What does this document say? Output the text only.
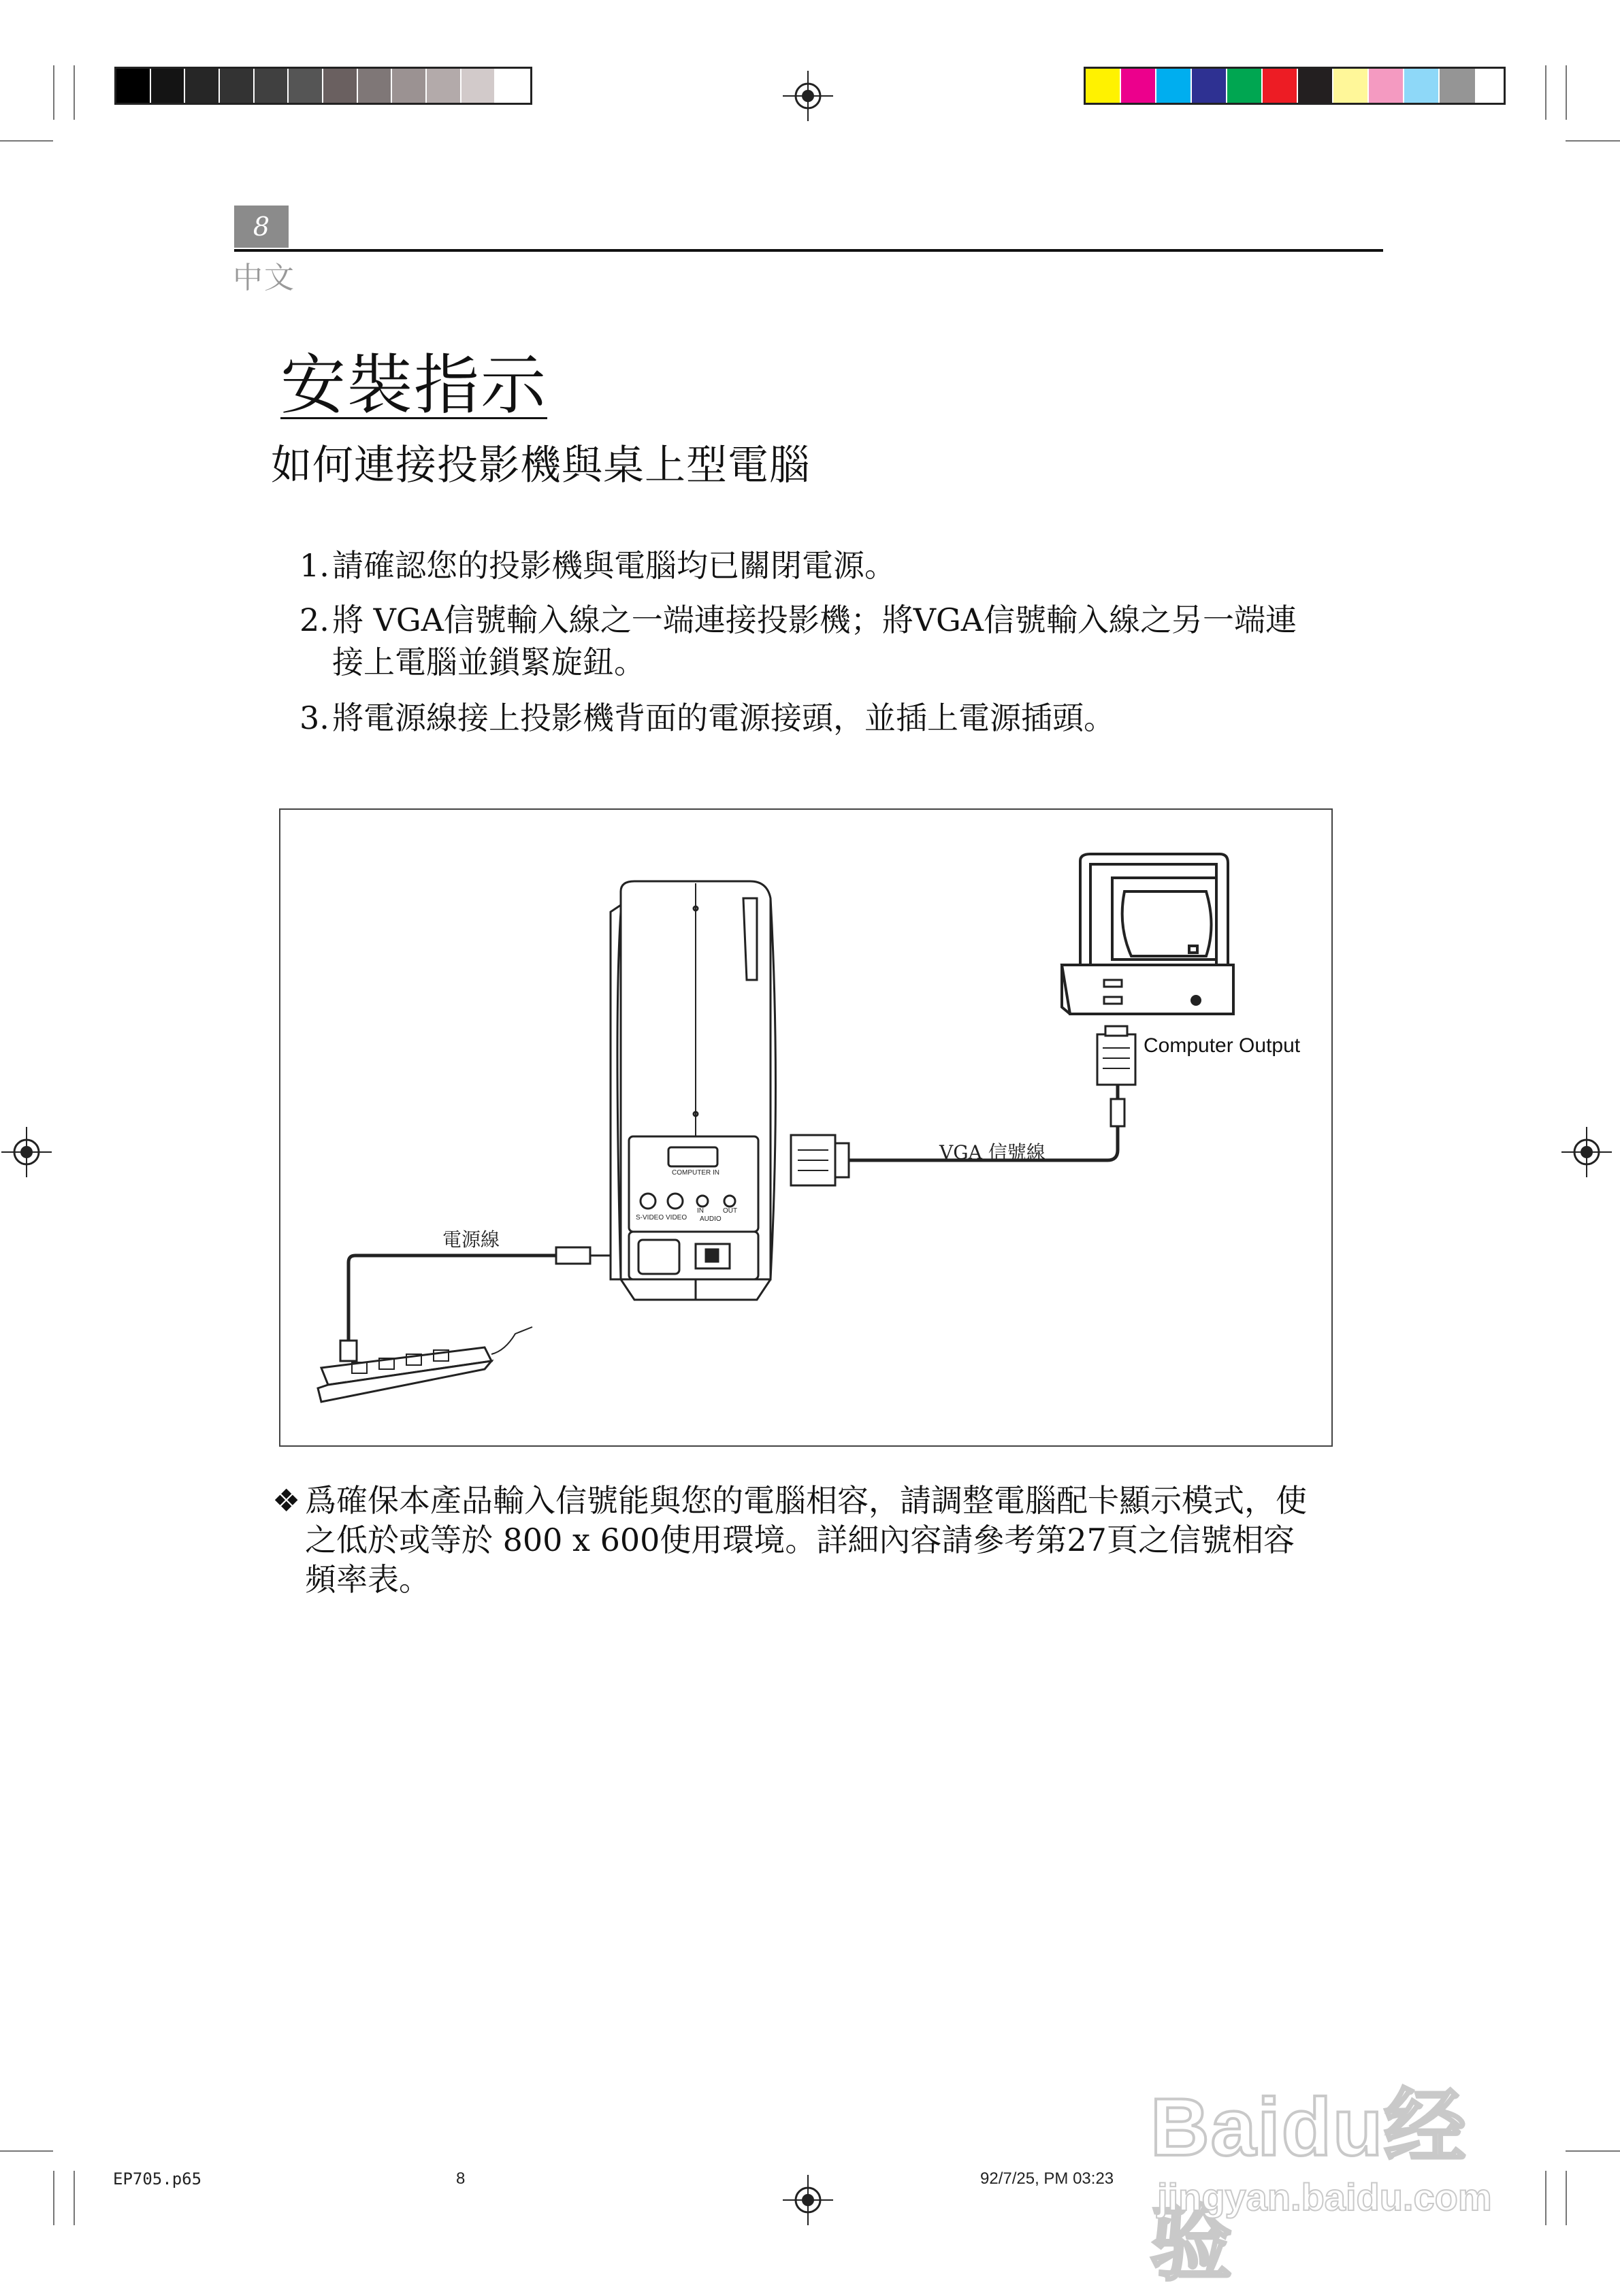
8
中文
安裝指示
如何連接投影機與桌上型電腦
1.請確認您的投影機與電腦均已關閉電源。
2.將 VGA信號輸入線之一端連接投影機；將VGA信號輸入線之另一端連
接上電腦並鎖緊旋鈕。
3.將電源線接上投影機背面的電源接頭，並插上電源插頭。
COMPUTER IN
S-VIDEO VIDEO
IN	OUT
AUDIO
Computer Output
VGA 信號線
電源線
❖ 爲確保本產品輸入信號能與您的電腦相容，請調整電腦配卡顯示模式，使
之低於或等於 800 x 600使用環境。詳細內容請參考第27頁之信號相容
頻率表。
EP705.p65	8	92/7/25, PM 03:23
Baidu经验
jingyan.baidu.com
